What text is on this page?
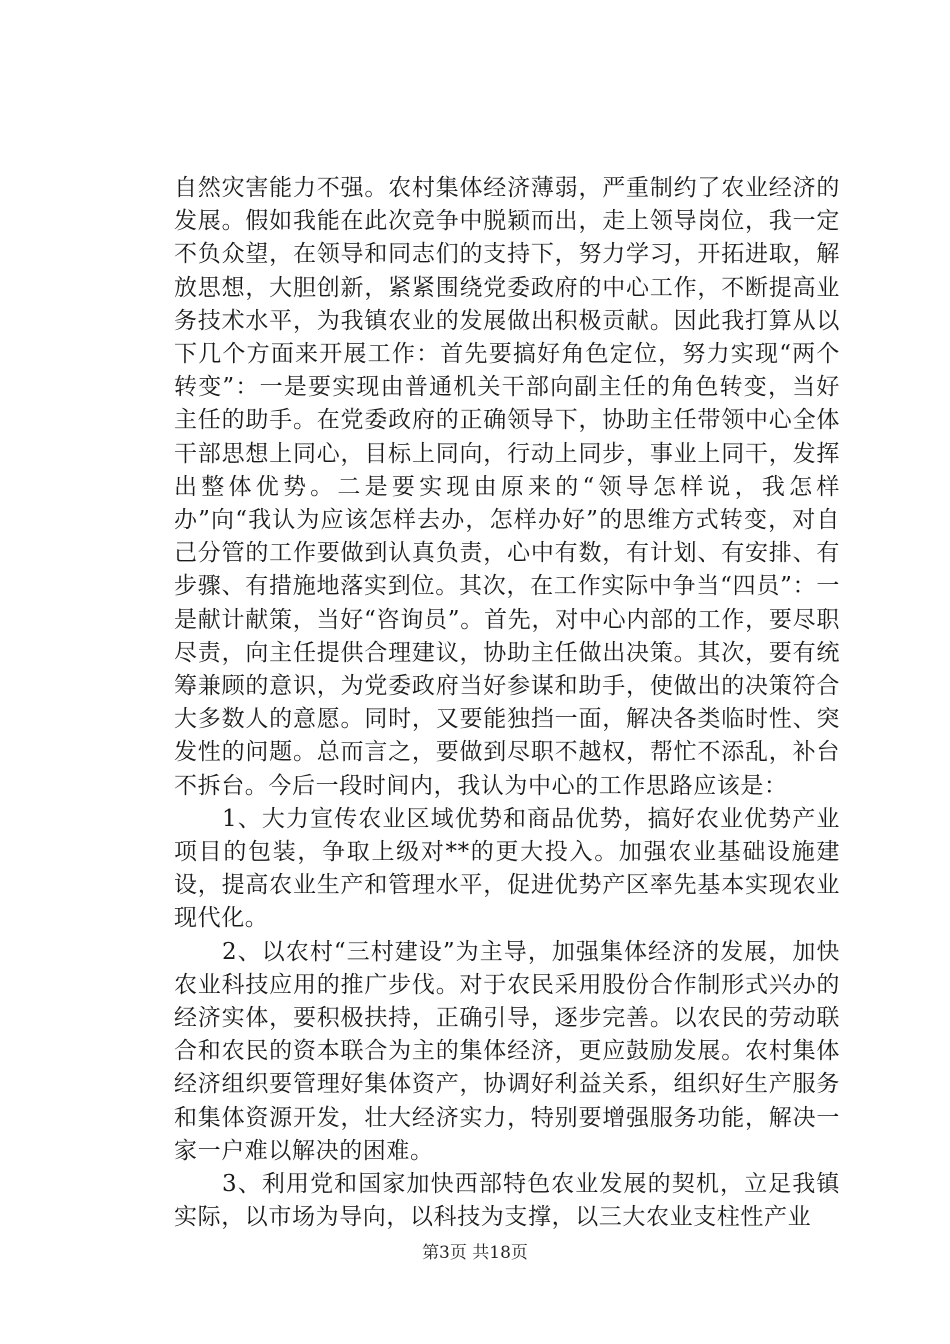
自然灾害能力不强。农村集体经济薄弱，严重制约了农业经济的发展。假如我能在此次竞争中脱颖而出，走上领导岗位，我一定不负众望，在领导和同志们的支持下，努力学习，开拓进取，解放思想，大胆创新，紧紧围绕党委政府的中心工作，不断提高业务技术水平，为我镇农业的发展做出积极贡献。因此我打算从以下几个方面来开展工作：首先要搞好角色定位，努力实现“两个转变”：一是要实现由普通机关干部向副主任的角色转变，当好主任的助手。在党委政府的正确领导下，协助主任带领中心全体干部思想上同心，目标上同向，行动上同步，事业上同干，发挥出整体优势。二是要实现由原来的“领导怎样说，我怎样办”向“我认为应该怎样去办，怎样办好”的思维方式转变，对自己分管的工作要做到认真负责，心中有数，有计划、有安排、有步骤、有措施地落实到位。其次，在工作实际中争当“四员”：一是献计献策，当好“咨询员”。首先，对中心内部的工作，要尽职尽责，向主任提供合理建议，协助主任做出决策。其次，要有统筹兼顾的意识，为党委政府当好参谋和助手，使做出的决策符合大多数人的意愿。同时，又要能独挡一面，解决各类临时性、突发性的问题。总而言之，要做到尽职不越权，帮忙不添乱，补台不拆台。今后一段时间内，我认为中心的工作思路应该是：

1、大力宣传农业区域优势和商品优势，搞好农业优势产业项目的包装，争取上级对**的更大投入。加强农业基础设施建设，提高农业生产和管理水平，促进优势产区率先基本实现农业现代化。

2、以农村“三村建设”为主导，加强集体经济的发展，加快农业科技应用的推广步伐。对于农民采用股份合作制形式兴办的经济实体，要积极扶持，正确引导，逐步完善。以农民的劳动联合和农民的资本联合为主的集体经济，更应鼓励发展。农村集体经济组织要管理好集体资产，协调好利益关系，组织好生产服务和集体资源开发，壮大经济实力，特别要增强服务功能，解决一家一户难以解决的困难。

3、利用党和国家加快西部特色农业发展的契机，立足我镇实际，以市场为导向，以科技为支撑，以三大农业支柱性产业

第3页 共18页
